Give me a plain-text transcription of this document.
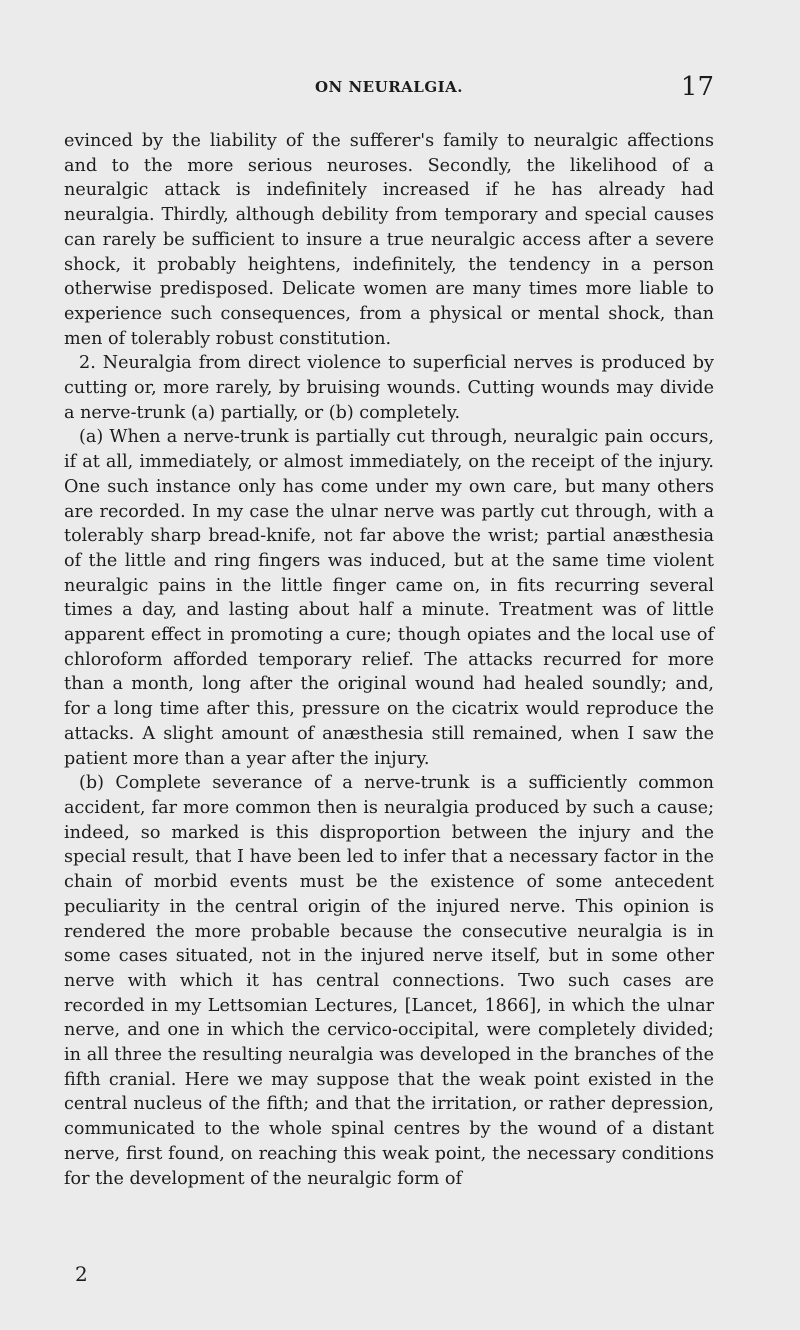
ON NEURALGIA.	17

evinced by the liability of the sufferer's family to neuralgic affections and to the more serious neuroses. Secondly, the likelihood of a neuralgic attack is indefinitely increased if he has already had neuralgia. Thirdly, although debility from temporary and special causes can rarely be sufficient to insure a true neuralgic access after a severe shock, it probably heightens, indefinitely, the tendency in a person otherwise predisposed. Delicate women are many times more liable to experience such consequences, from a physical or mental shock, than men of tolerably robust constitution.

2. Neuralgia from direct violence to superficial nerves is produced by cutting or, more rarely, by bruising wounds. Cutting wounds may divide a nerve-trunk (a) partially, or (b) completely.

(a) When a nerve-trunk is partially cut through, neuralgic pain occurs, if at all, immediately, or almost immediately, on the receipt of the injury. One such instance only has come under my own care, but many others are recorded. In my case the ulnar nerve was partly cut through, with a tolerably sharp bread-knife, not far above the wrist; partial anæsthesia of the little and ring fingers was induced, but at the same time violent neuralgic pains in the little finger came on, in fits recurring several times a day, and lasting about half a minute. Treatment was of little apparent effect in promoting a cure; though opiates and the local use of chloroform afforded temporary relief. The attacks recurred for more than a month, long after the original wound had healed soundly; and, for a long time after this, pressure on the cicatrix would reproduce the attacks. A slight amount of anæsthesia still remained, when I saw the patient more than a year after the injury.

(b) Complete severance of a nerve-trunk is a sufficiently common accident, far more common then is neuralgia produced by such a cause; indeed, so marked is this disproportion between the injury and the special result, that I have been led to infer that a necessary factor in the chain of morbid events must be the existence of some antecedent peculiarity in the central origin of the injured nerve. This opinion is rendered the more probable because the consecutive neuralgia is in some cases situated, not in the injured nerve itself, but in some other nerve with which it has central connections. Two such cases are recorded in my Lettsomian Lectures, [Lancet, 1866], in which the ulnar nerve, and one in which the cervico-occipital, were completely divided; in all three the resulting neuralgia was developed in the branches of the fifth cranial. Here we may suppose that the weak point existed in the central nucleus of the fifth; and that the irritation, or rather depression, communicated to the whole spinal centres by the wound of a distant nerve, first found, on reaching this weak point, the necessary conditions for the development of the neuralgic form of

2
